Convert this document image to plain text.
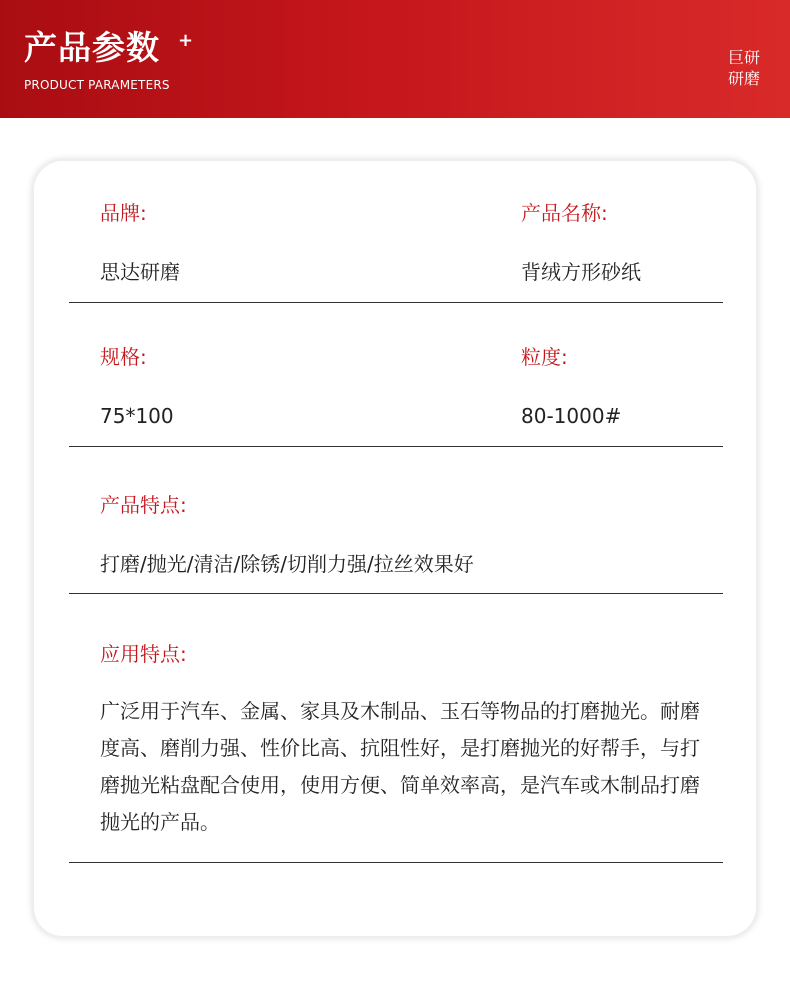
产品参数 +
PRODUCT PARAMETERS
巨研
研磨
品牌:
思达研磨
产品名称:
背绒方形砂纸
规格:
75*100
粒度:
80-1000#
产品特点:
打磨/抛光/清洁/除锈/切削力强/拉丝效果好
应用特点:
广泛用于汽车、金属、家具及木制品、玉石等物品的打磨抛光。耐磨度高、磨削力强、性价比高、抗阻性好，是打磨抛光的好帮手，与打磨抛光粘盘配合使用，使用方便、简单效率高，是汽车或木制品打磨抛光的产品。
